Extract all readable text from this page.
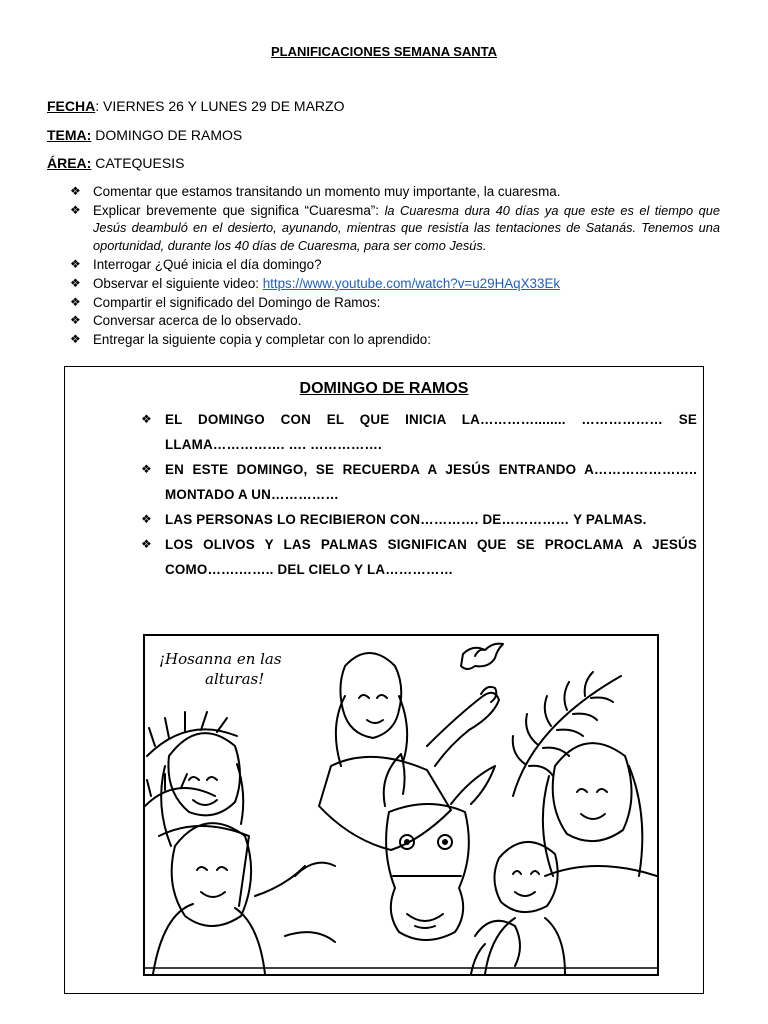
PLANIFICACIONES SEMANA SANTA
FECHA: VIERNES 26 Y LUNES 29 DE MARZO
TEMA: DOMINGO DE RAMOS
ÁREA: CATEQUESIS
❖ Comentar que estamos transitando un momento muy importante, la cuaresma.
❖ Explicar brevemente que significa “Cuaresma”: la Cuaresma dura 40 días ya que este es el tiempo que Jesús deambuló en el desierto, ayunando, mientras que resistía las tentaciones de Satanás. Tenemos una oportunidad, durante los 40 días de Cuaresma, para ser como Jesús.
❖ Interrogar ¿Qué inicia el día domingo?
❖ Observar el siguiente video: https://www.youtube.com/watch?v=u29HAqX33Ek
❖ Compartir el significado del Domingo de Ramos:
❖ Conversar acerca de lo observado.
❖ Entregar la siguiente copia y completar con lo aprendido:
DOMINGO DE RAMOS
❖ EL DOMINGO CON EL QUE INICIA LA…………........ ……………… SE LLAMA……………. …. …………….
❖ EN ESTE DOMINGO, SE RECUERDA A JESÚS ENTRANDO A………………….. MONTADO A UN……………
❖ LAS PERSONAS LO RECIBIERON CON…………. DE…………… Y PALMAS.
❖ LOS OLIVOS Y LAS PALMAS SIGNIFICAN QUE SE PROCLAMA A JESÚS COMO…….…….. DEL CIELO Y LA……………
¡Hosanna en las
alturas!
